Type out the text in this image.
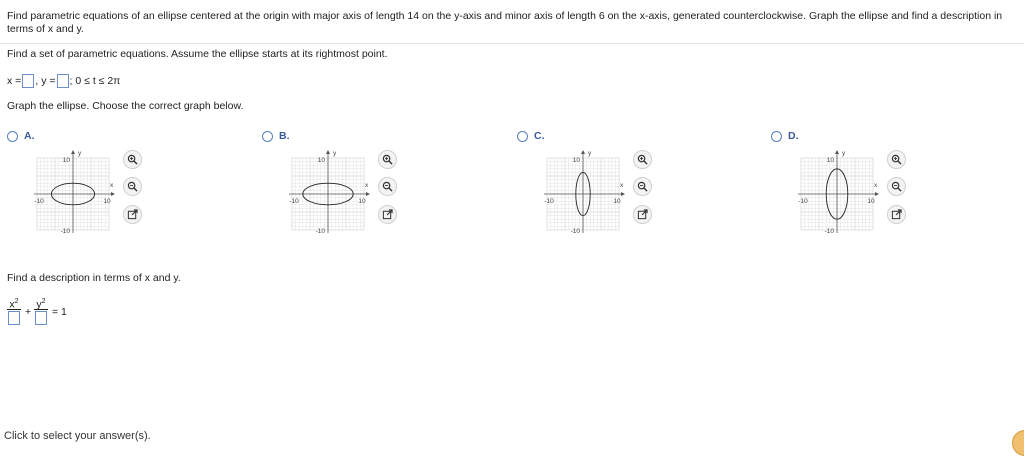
Find parametric equations of an ellipse centered at the origin with major axis of length 14 on the y-axis and minor axis of length 6 on the x-axis, generated counterclockwise. Graph the ellipse and find a description in terms of x and y.
Find a set of parametric equations. Assume the ellipse starts at its rightmost point.
x = , y = ; 0 ≤ t ≤ 2π
Graph the ellipse. Choose the correct graph below.
A.
y
x
10
-10
-10	10
B.
y
x
10
-10
-10	10
C.
y
x
10
-10
-10	10
D.
y
x
10
-10
-10	10
Find a description in terms of x and y.
$x^2$
+
$y^2$
= 1
Click to select your answer(s).
